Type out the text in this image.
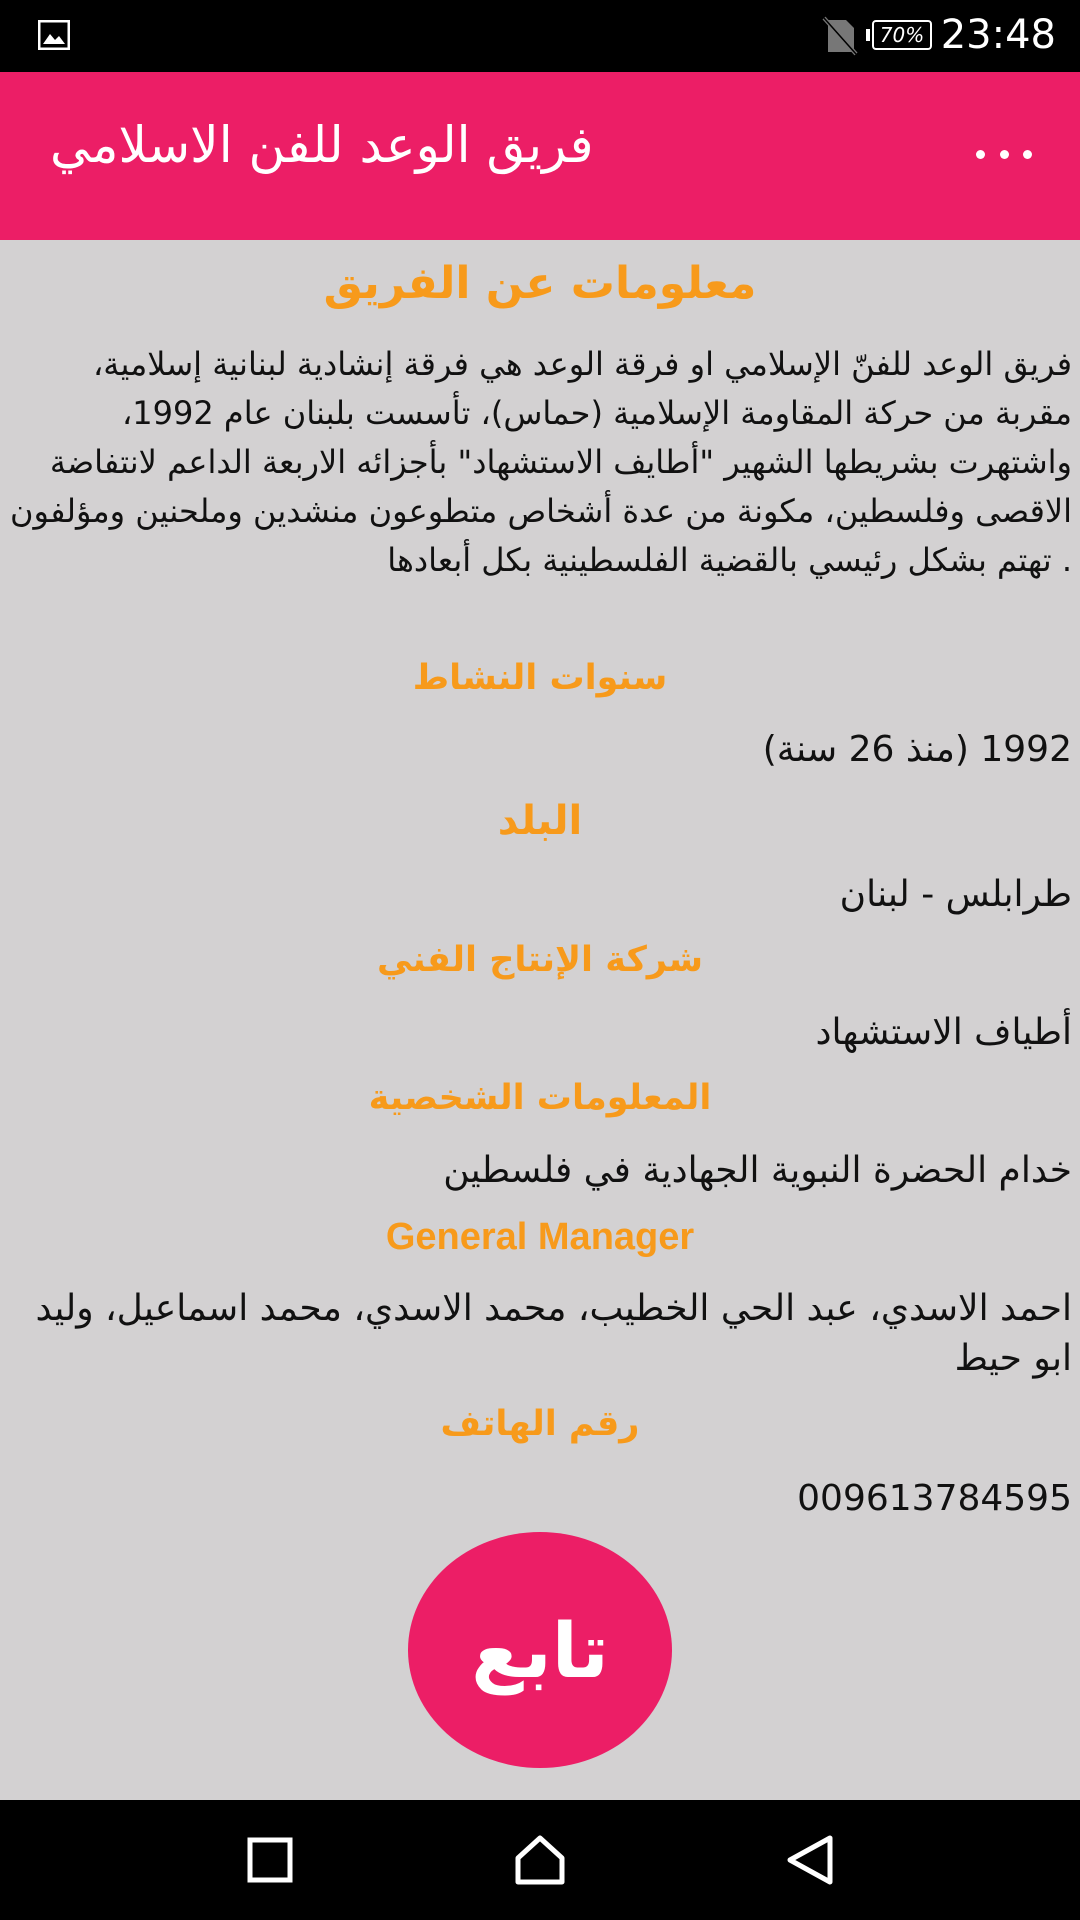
70% 23:48
فريق الوعد للفن الاسلامي
معلومات عن الفريق

فريق الوعد للفنّ الإسلامي او فرقة الوعد هي فرقة إنشادية لبنانية إسلامية، مقربة من حركة المقاومة الإسلامية (حماس)، تأسست بلبنان عام 1992، واشتهرت بشريطها الشهير "أطايف الاستشهاد" بأجزائه الاربعة الداعم لانتفاضة الاقصى وفلسطين، مكونة من عدة أشخاص متطوعون منشدين وملحنين ومؤلفون . تهتم بشكل رئيسي بالقضية الفلسطينية بكل أبعادها

سنوات النشاط

1992 (منذ 26 سنة)

البلد

طرابلس - لبنان

شركة الإنتاج الفني

أطياف الاستشهاد

المعلومات الشخصية

خدام الحضرة النبوية الجهادية في فلسطين

General Manager

احمد الاسدي، عبد الحي الخطيب، محمد الاسدي، محمد اسماعيل، وليد ابو حيط

رقم الهاتف

009613784595

تابع
